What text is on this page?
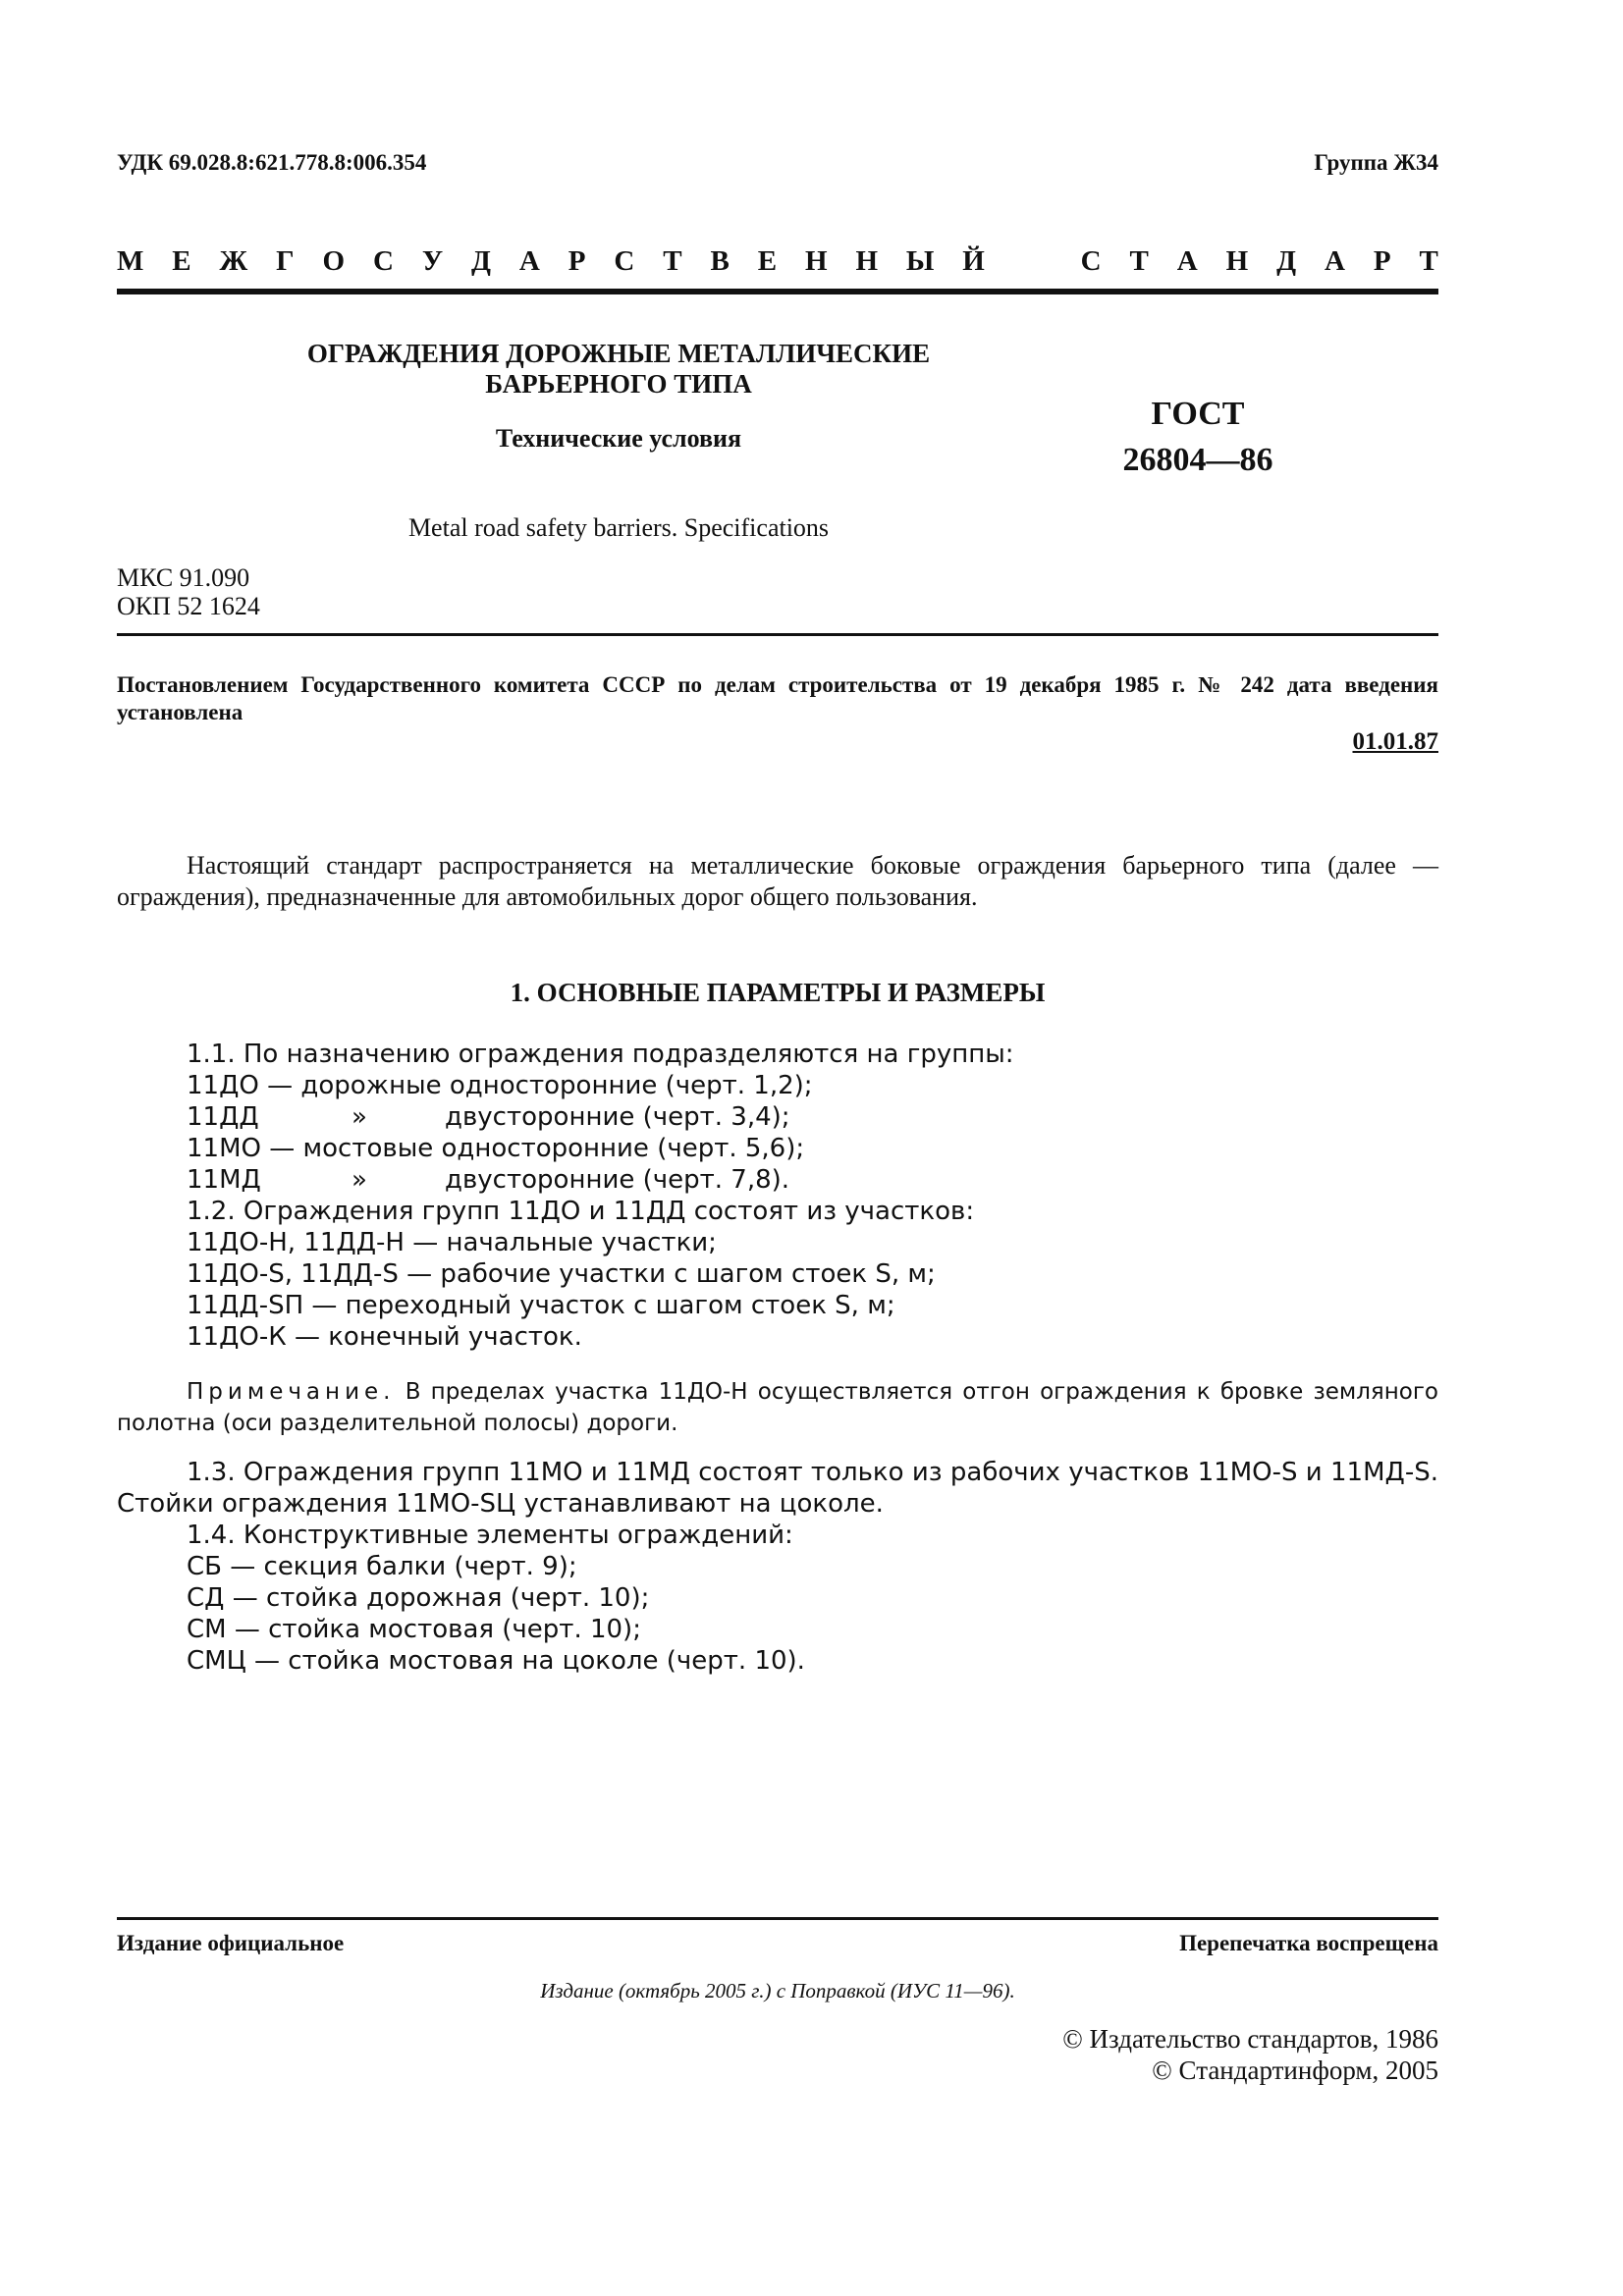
УДК 69.028.8:621.778.8:006.354	Группа Ж34
М Е Ж Г О С У Д А Р С Т В Е Н Н Ы Й	С Т А Н Д А Р Т
ОГРАЖДЕНИЯ ДОРОЖНЫЕ МЕТАЛЛИЧЕСКИЕ
БАРЬЕРНОГО ТИПА
Технические условия
ГОСТ
26804—86
Metal road safety barriers. Specifications
МКС 91.090
ОКП 52 1624
Постановлением Государственного комитета СССР по делам строительства от 19 декабря 1985 г. № 242 дата введения установлена
01.01.87
Настоящий стандарт распространяется на металлические боковые ограждения барьерного типа (далее — ограждения), предназначенные для автомобильных дорог общего пользования.
1. ОСНОВНЫЕ ПАРАМЕТРЫ И РАЗМЕРЫ
1.1. По назначению ограждения подразделяются на группы:
11ДО — дорожные односторонние (черт. 1,2);
11ДД	»	двусторонние (черт. 3,4);
11МО — мостовые односторонние (черт. 5,6);
11МД	»	двусторонние (черт. 7,8).
1.2. Ограждения групп 11ДО и 11ДД состоят из участков:
11ДО-Н, 11ДД-Н — начальные участки;
11ДО-S, 11ДД-S — рабочие участки с шагом стоек S, м;
11ДД-SП — переходный участок с шагом стоек S, м;
11ДО-К — конечный участок.
Примечание. В пределах участка 11ДО-Н осуществляется отгон ограждения к бровке земляного полотна (оси разделительной полосы) дороги.
1.3. Ограждения групп 11МО и 11МД состоят только из рабочих участков 11МО-S и 11МД-S. Стойки ограждения 11МО-SЦ устанавливают на цоколе.
1.4. Конструктивные элементы ограждений:
СБ — секция балки (черт. 9);
СД — стойка дорожная (черт. 10);
СМ — стойка мостовая (черт. 10);
СМЦ — стойка мостовая на цоколе (черт. 10).
Издание официальное	Перепечатка воспрещена
Издание (октябрь 2005 г.) с Поправкой (ИУС 11—96).
© Издательство стандартов, 1986
© Стандартинформ, 2005
